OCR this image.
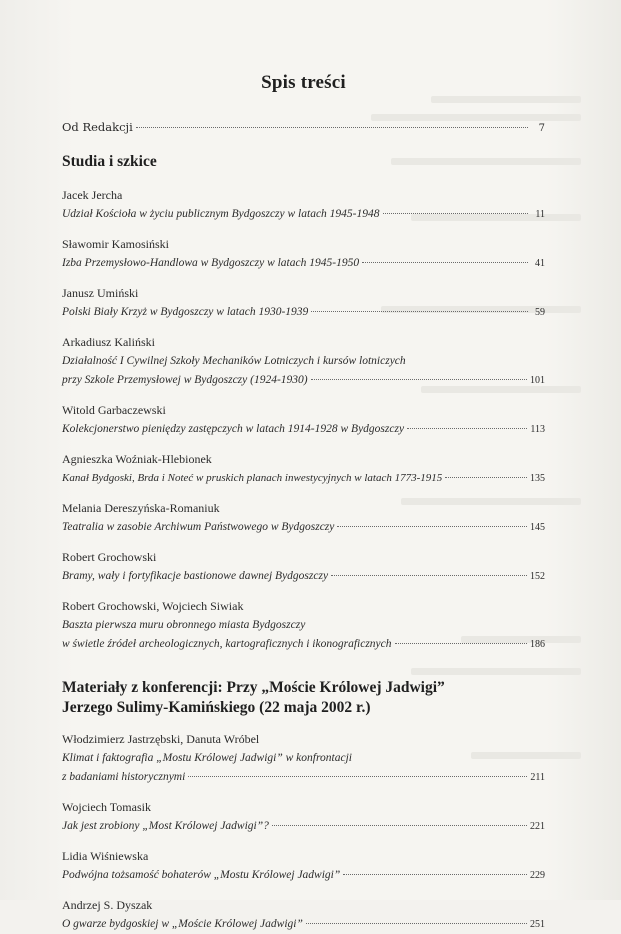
Spis treści
Od Redakcji	7
Studia i szkice
Jacek Jercha
Udział Kościoła w życiu publicznym Bydgoszczy w latach 1945-1948	11
Sławomir Kamosiński
Izba Przemysłowo-Handlowa w Bydgoszczy w latach 1945-1950	41
Janusz Umiński
Polski Biały Krzyż w Bydgoszczy w latach 1930-1939	59
Arkadiusz Kaliński
Działalność I Cywilnej Szkoły Mechaników Lotniczych i kursów lotniczych
przy Szkole Przemysłowej w Bydgoszczy (1924-1930)	101
Witold Garbaczewski
Kolekcjonerstwo pieniędzy zastępczych w latach 1914-1928 w Bydgoszczy	113
Agnieszka Woźniak-Hlebionek
Kanał Bydgoski, Brda i Noteć w pruskich planach inwestycyjnych w latach 1773-1915	135
Melania Dereszyńska-Romaniuk
Teatralia w zasobie Archiwum Państwowego w Bydgoszczy	145
Robert Grochowski
Bramy, wały i fortyfikacje bastionowe dawnej Bydgoszczy	152
Robert Grochowski, Wojciech Siwiak
Baszta pierwsza muru obronnego miasta Bydgoszczy
w świetle źródeł archeologicznych, kartograficznych i ikonograficznych	186
Materiały z konferencji: Przy „Moście Królowej Jadwigi”
Jerzego Sulimy-Kamińskiego (22 maja 2002 r.)
Włodzimierz Jastrzębski, Danuta Wróbel
Klimat i faktografia „Mostu Królowej Jadwigi” w konfrontacji
z badaniami historycznymi	211
Wojciech Tomasik
Jak jest zrobiony „Most Królowej Jadwigi”?	221
Lidia Wiśniewska
Podwójna tożsamość bohaterów „Mostu Królowej Jadwigi”	229
Andrzej S. Dyszak
O gwarze bydgoskiej w „Moście Królowej Jadwigi”	251
